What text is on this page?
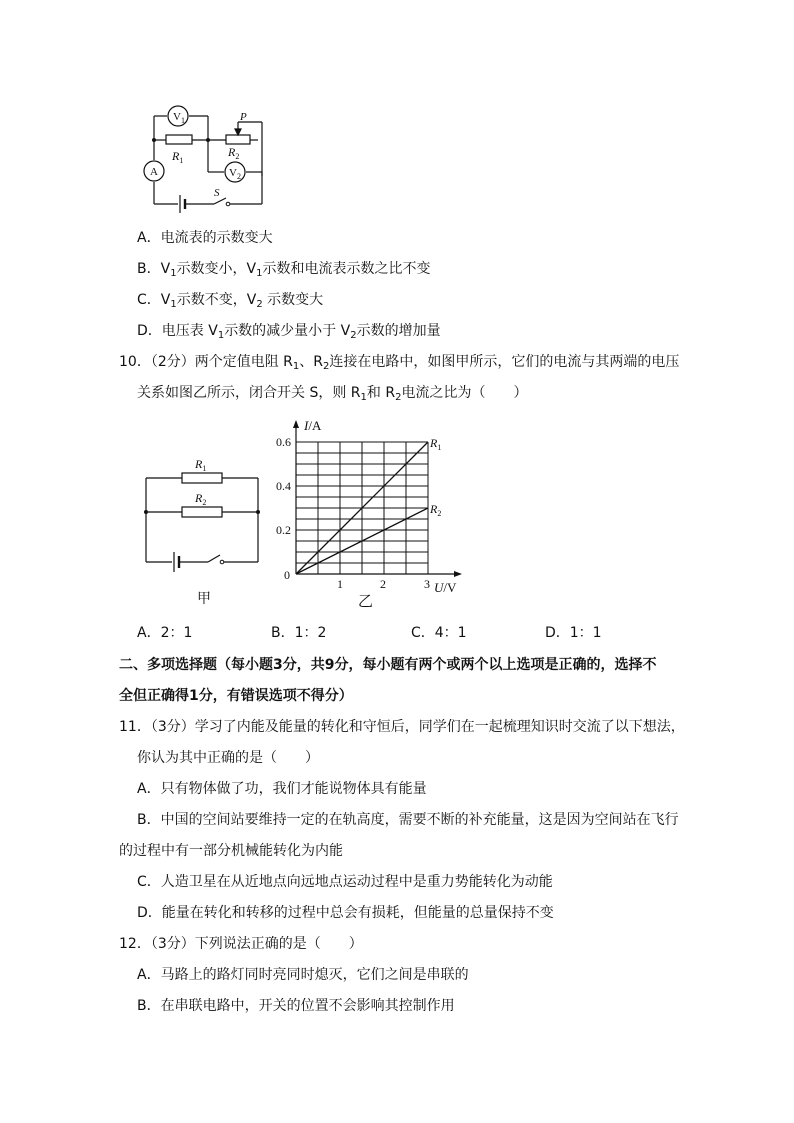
$V_1$
$R_1$
P
$R_2$
A	$V_2$
S
A．电流表的示数变大
B．$V_1$示数变小，$V_1$示数和电流表示数之比不变
C．$V_1$示数不变，$V_2$ 示数变大
D．电压表 $V_1$示数的减少量小于 $V_2$示数的增加量
10．（2分）两个定值电阻 $R_1$、$R_2$连接在电路中，如图甲所示，它们的电流与其两端的电压
关系如图乙所示，闭合开关 S，则 $R_1$和 $R_2$电流之比为（　　）
$R_1$
$R_2$
甲
$R_1$
$R_2$
0.2
0.4
0.6
1	2	3
0
I/A
U/V
乙
A．2：1	B．1：2	C．4：1	D．1：1
二、多项选择题（每小题3分，共9分，每小题有两个或两个以上选项是正确的，选择不
全但正确得1分，有错误选项不得分）
11．（3分）学习了内能及能量的转化和守恒后，同学们在一起梳理知识时交流了以下想法，
你认为其中正确的是（　　）
A．只有物体做了功，我们才能说物体具有能量
B．中国的空间站要维持一定的在轨高度，需要不断的补充能量，这是因为空间站在飞行
的过程中有一部分机械能转化为内能
C．人造卫星在从近地点向远地点运动过程中是重力势能转化为动能
D．能量在转化和转移的过程中总会有损耗，但能量的总量保持不变
12．（3分）下列说法正确的是（　　）
A．马路上的路灯同时亮同时熄灭，它们之间是串联的
B．在串联电路中，开关的位置不会影响其控制作用
